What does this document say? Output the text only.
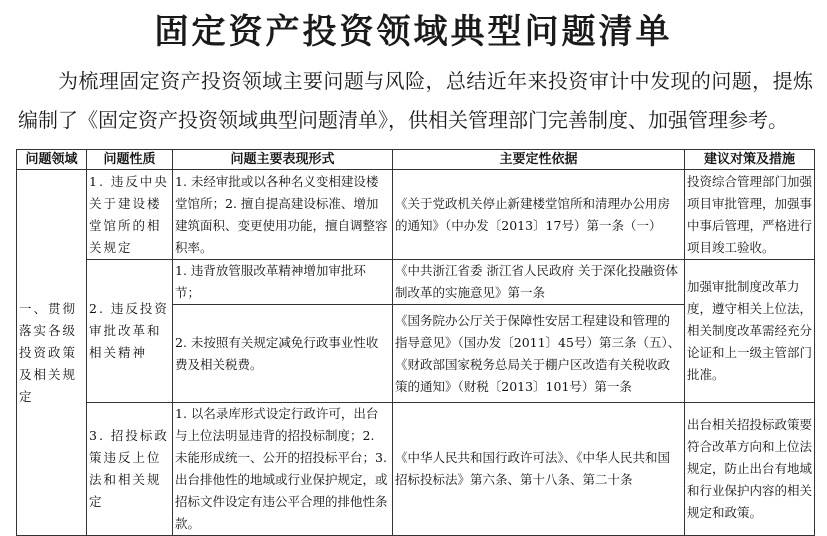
固定资产投资领域典型问题清单
为梳理固定资产投资领域主要问题与风险，总结近年来投资审计中发现的问题，提炼编制了《固定资产投资领域典型问题清单》，供相关管理部门完善制度、加强管理参考。
问题领域	问题性质	问题主要表现形式	主要定性依据	建议对策及措施
一、贯彻落实各级投资政策及相关规定	1. 违反中央关于建设楼堂馆所的相关规定	1. 未经审批或以各种名义变相建设楼堂馆所；2. 擅自提高建设标准、增加建筑面积、变更使用功能，擅自调整容积率。	《关于党政机关停止新建楼堂馆所和清理办公用房的通知》（中办发〔2013〕17号）第一条（一）	投资综合管理部门加强项目审批管理，加强事中事后管理，严格进行项目竣工验收。
	2. 违反投资审批改革和相关精神	1. 违背放管服改革精神增加审批环节；	《中共浙江省委 浙江省人民政府 关于深化投融资体制改革的实施意见》第一条	加强审批制度改革力度，遵守相关上位法，相关制度改革需经充分论证和上一级主管部门批准。
		2. 未按照有关规定减免行政事业性收费及相关税费。	《国务院办公厅关于保障性安居工程建设和管理的指导意见》（国办发〔2011〕45号）第三条（五）、《财政部国家税务总局关于棚户区改造有关税收政策的通知》（财税〔2013〕101号）第一条	
	3. 招投标政策违反上位法和相关规定	1. 以名录库形式设定行政许可，出台与上位法明显违背的招投标制度；2. 未能形成统一、公开的招投标平台；3. 出台排他性的地域或行业保护规定，或招标文件设定有违公平合理的排他性条款。	《中华人民共和国行政许可法》、《中华人民共和国招标投标法》第六条、第十八条、第二十条	出台相关招投标政策要符合改革方向和上位法规定，防止出台有地域和行业保护内容的相关规定和政策。
